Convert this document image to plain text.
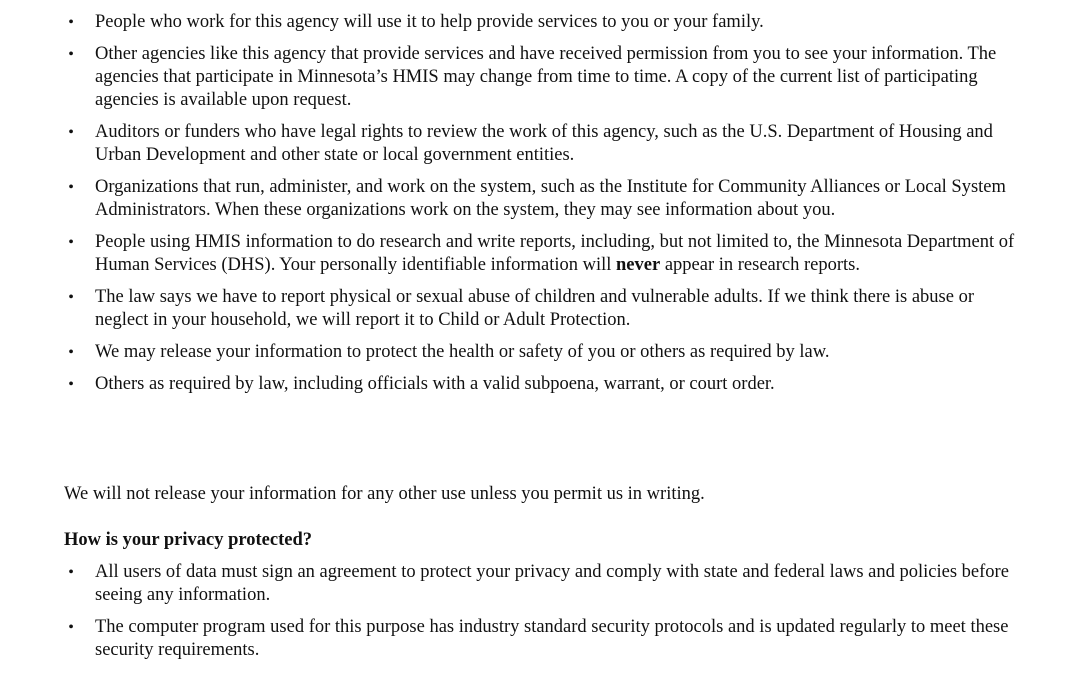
• People who work for this agency will use it to help provide services to you or your family.
• Other agencies like this agency that provide services and have received permission from you to see your information. The agencies that participate in Minnesota’s HMIS may change from time to time. A copy of the current list of participating agencies is available upon request.
• Auditors or funders who have legal rights to review the work of this agency, such as the U.S. Department of Housing and Urban Development and other state or local government entities.
• Organizations that run, administer, and work on the system, such as the Institute for Community Alliances or Local System Administrators. When these organizations work on the system, they may see information about you.
• People using HMIS information to do research and write reports, including, but not limited to, the Minnesota Department of Human Services (DHS). Your personally identifiable information will never appear in research reports.
• The law says we have to report physical or sexual abuse of children and vulnerable adults. If we think there is abuse or neglect in your household, we will report it to Child or Adult Protection.
• We may release your information to protect the health or safety of you or others as required by law.
• Others as required by law, including officials with a valid subpoena, warrant, or court order.
We will not release your information for any other use unless you permit us in writing.
How is your privacy protected?
• All users of data must sign an agreement to protect your privacy and comply with state and federal laws and policies before seeing any information.
• The computer program used for this purpose has industry standard security protocols and is updated regularly to meet these security requirements.
